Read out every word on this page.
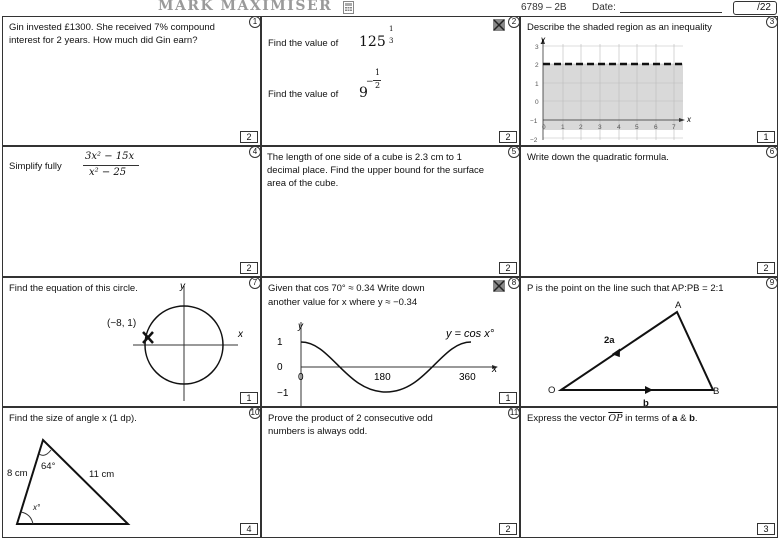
MARK MAXIMISER	6789 – 2B	Date:	/22
Gin invested £1300. She received 7% compound interest for 2 years. How much did Gin earn?
1
2
Find the value of 125
1
3
Find the value of 9
−
1
2
2
2
Describe the shaded region as an inequality
x
y
0 1 2 3 4 5 6 7
3
2
1
0
−1
−2
3
1
Simplify fully
3x² − 15x
x² − 25
4
2
The length of one side of a cube is 2.3 cm to 1 decimal place. Find the upper bound for the surface area of the cube.
5
2
Write down the quadratic formula.
6
2
Find the equation of this circle.	y
x
(−8, 1)
7
1
Given that cos 70° ≈ 0.34 Write down
another value for x where y ≈ −0.34
y
x
y = cos x°
1
0
−1
0	180	360
8
1
P is the point on the line such that AP:PB = 2:1
A
O	B
2a
b
9
Find the size of angle x (1 dp).
8 cm	11 cm
64°
x°
10
4
Prove the product of 2 consecutive odd numbers is always odd.
11
2
Express the vector $\overline{OP}$ in terms of a & b.
3
